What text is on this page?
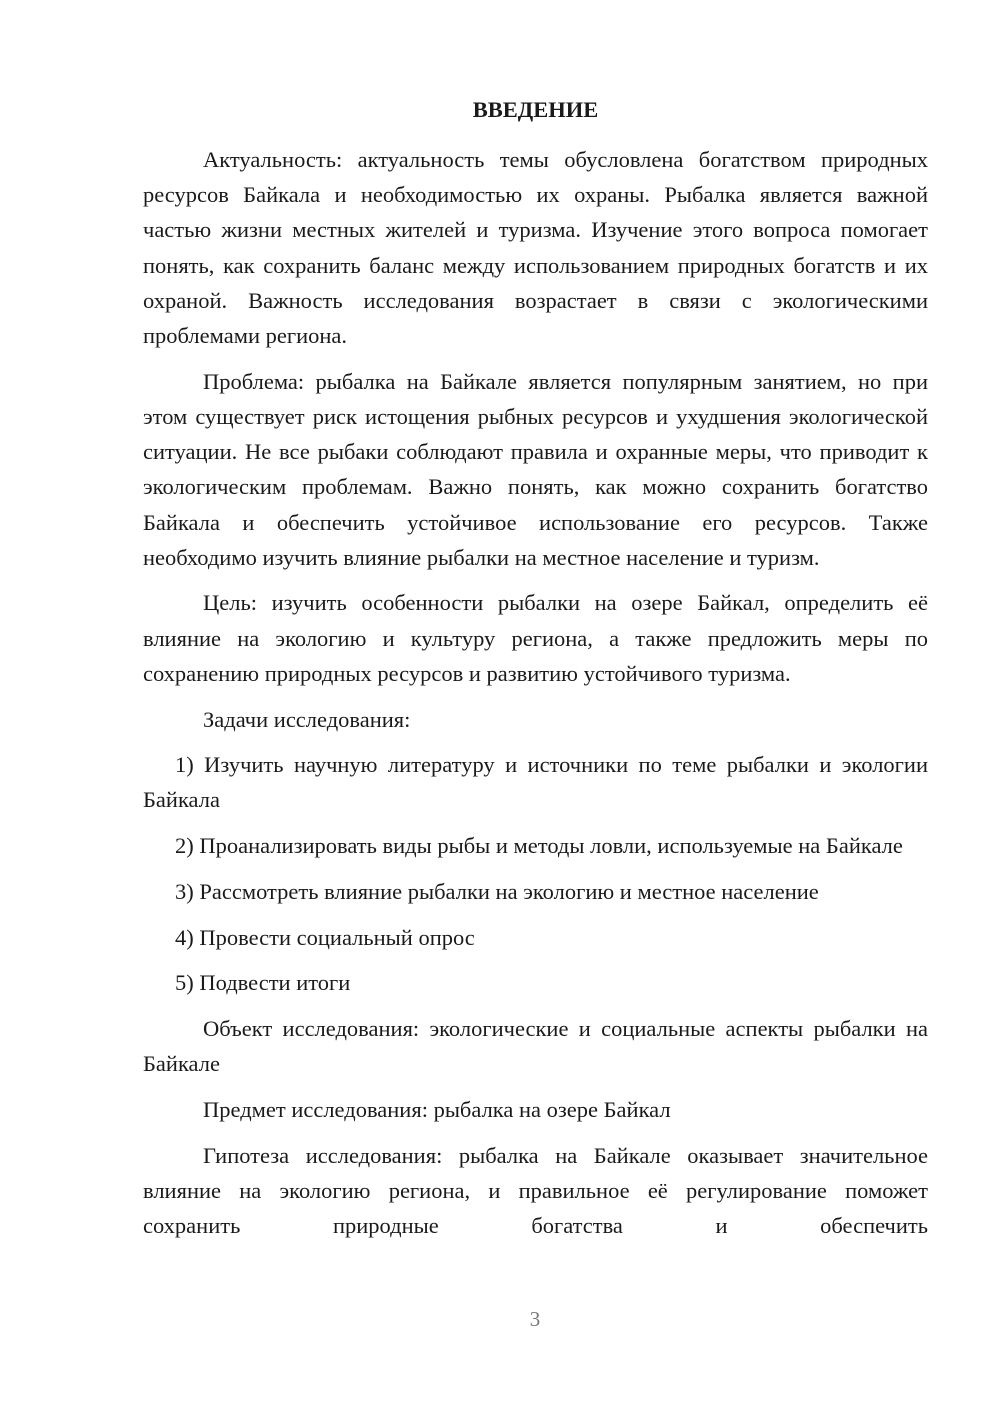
ВВЕДЕНИЕ

Актуальность: актуальность темы обусловлена богатством природных ресурсов Байкала и необходимостью их охраны. Рыбалка является важной частью жизни местных жителей и туризма. Изучение этого вопроса помогает понять, как сохранить баланс между использованием природных богатств и их охраной. Важность исследования возрастает в связи с экологическими проблемами региона.

Проблема: рыбалка на Байкале является популярным занятием, но при этом существует риск истощения рыбных ресурсов и ухудшения экологической ситуации. Не все рыбаки соблюдают правила и охранные меры, что приводит к экологическим проблемам. Важно понять, как можно сохранить богатство Байкала и обеспечить устойчивое использование его ресурсов. Также необходимо изучить влияние рыбалки на местное население и туризм.

Цель: изучить особенности рыбалки на озере Байкал, определить её влияние на экологию и культуру региона, а также предложить меры по сохранению природных ресурсов и развитию устойчивого туризма.

Задачи исследования:

1) Изучить научную литературу и источники по теме рыбалки и экологии Байкала

2) Проанализировать виды рыбы и методы ловли, используемые на Байкале

3) Рассмотреть влияние рыбалки на экологию и местное население

4) Провести социальный опрос

5) Подвести итоги

Объект исследования: экологические и социальные аспекты рыбалки на Байкале

Предмет исследования: рыбалка на озере Байкал

Гипотеза исследования: рыбалка на Байкале оказывает значительное влияние на экологию региона, и правильное её регулирование поможет сохранить природные богатства и обеспечить

3
